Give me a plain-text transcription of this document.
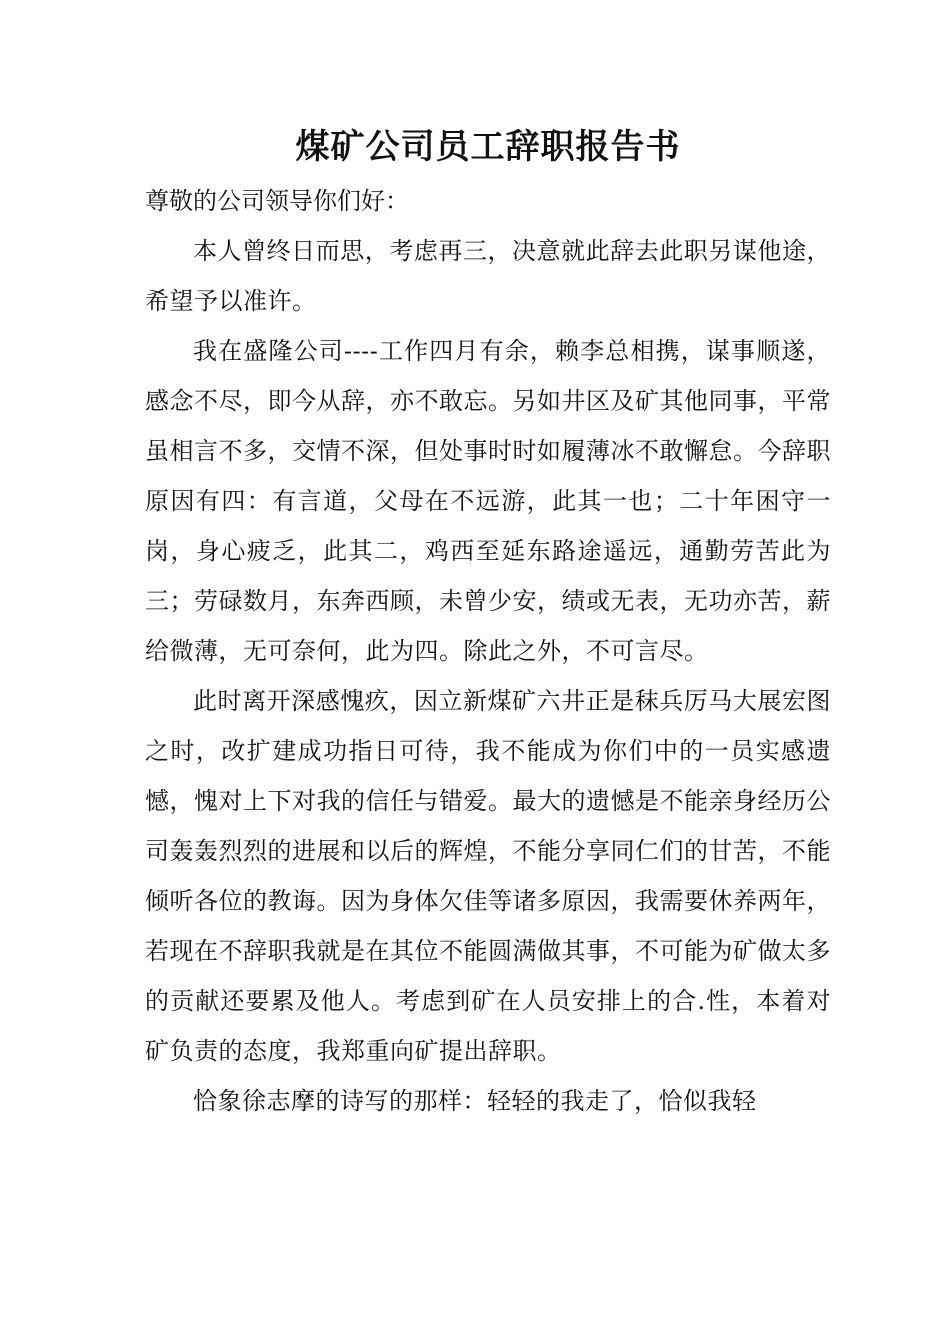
煤矿公司员工辞职报告书

尊敬的公司领导你们好：

本人曾终日而思，考虑再三，决意就此辞去此职另谋他途，希望予以准许。

我在盛隆公司----工作四月有余，赖李总相携，谋事顺遂，感念不尽，即今从辞，亦不敢忘。另如井区及矿其他同事，平常虽相言不多，交情不深，但处事时时如履薄冰不敢懈怠。今辞职原因有四：有言道，父母在不远游，此其一也；二十年困守一岗，身心疲乏，此其二，鸡西至延东路途遥远，通勤劳苦此为三；劳碌数月，东奔西顾，未曾少安，绩或无表，无功亦苦，薪给微薄，无可奈何，此为四。除此之外，不可言尽。

此时离开深感愧疚，因立新煤矿六井正是秣兵厉马大展宏图之时，改扩建成功指日可待，我不能成为你们中的一员实感遗憾，愧对上下对我的信任与错爱。最大的遗憾是不能亲身经历公司轰轰烈烈的进展和以后的辉煌，不能分享同仁们的甘苦，不能倾听各位的教诲。因为身体欠佳等诸多原因，我需要休养两年，若现在不辞职我就是在其位不能圆满做其事，不可能为矿做太多的贡献还要累及他人。考虑到矿在人员安排上的合.性，本着对矿负责的态度，我郑重向矿提出辞职。

恰象徐志摩的诗写的那样：轻轻的我走了，恰似我轻
